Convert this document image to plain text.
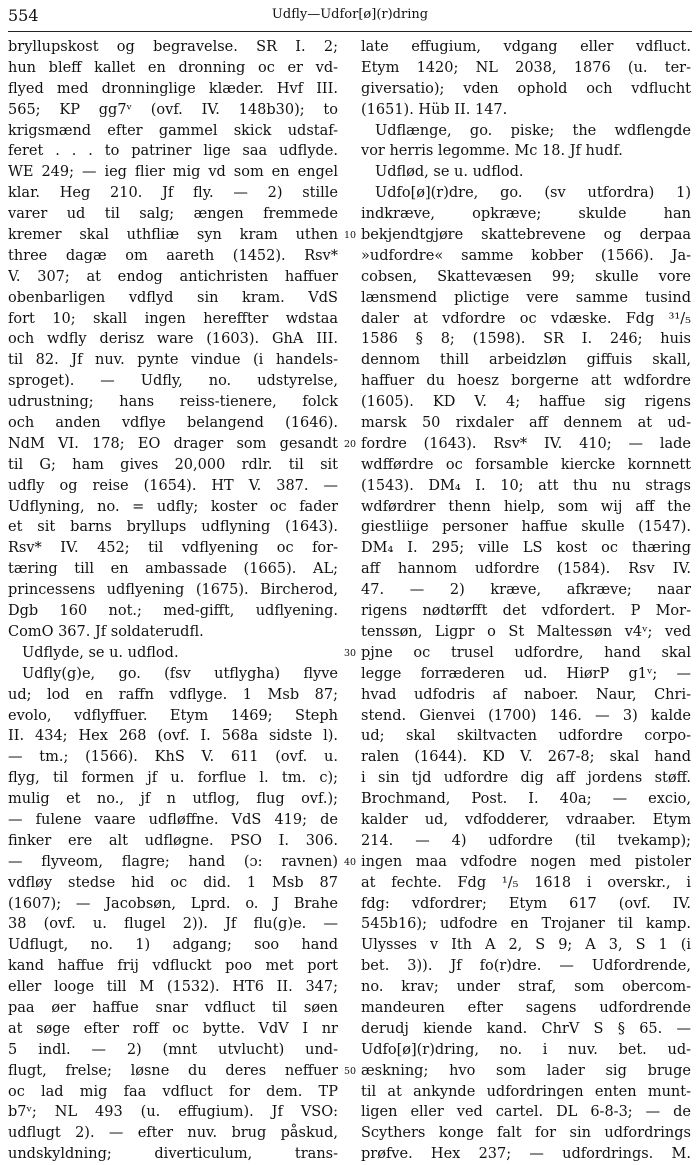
554	Udfly—Udfor[ø](r)dring
bryllupskost og begravelse. SR I. 2;
hun bleff kallet en dronning oc er vd-
flyed med dronninglige klæder. Hvf III.
565; KP gg7ᵛ (ovf. IV. 148b30); to
krigsmænd efter gammel skick udstaf-
feret . . . to patriner lige saa udflyde.
WE 249; — ieg flier mig vd som en engel
klar. Heg 210. Jf fly. — 2) stille
varer ud til salg; ængen fremmede
kremer skal uthfliæ syn kram uthen
three dagæ om aareth (1452). Rsv*
V. 307; at endog antichristen haffuer
obenbarligen vdflyd sin kram. VdS
fort 10; skall ingen hereffter wdstaa
och wdfly derisz ware (1603). GhA III.
til 82. Jf nuv. pynte vindue (i handels-
sproget). — Udfly, no. udstyrelse,
udrustning; hans reiss-tienere, folck
och anden vdflye belangend (1646).
NdM VI. 178; EO drager som gesandt
til G; ham gives 20,000 rdlr. til sit
udfly og reise (1654). HT V. 387. —
Udflyning, no. = udfly; koster oc fader
et sit barns bryllups udflyning (1643).
Rsv* IV. 452; til vdflyening oc for-
tæring till en ambassade (1665). AL;
princessens udflyening (1675). Bircherod,
Dgb 160 not.; med-gifft, udflyening.
ComO 367. Jf soldaterudfl.
Udflyde, se u. udflod.
Udfly(g)e, go. (fsv utflygha) flyve
ud; lod en raffn vdflyge. 1 Msb 87;
evolo, vdflyffuer. Etym 1469; Steph
II. 434; Hex 268 (ovf. I. 568a sidste l).
— tm.; (1566). KhS V. 611 (ovf. u.
flyg, til formen jf u. forflue l. tm. c);
mulig et no., jf n utflog, flug ovf.);
— fulene vaare udfløffne. VdS 419; de
finker ere alt udfløgne. PSO I. 306.
— flyveom, flagre; hand (ɔ: ravnen)
vdfløy stedse hid oc did. 1 Msb 87
(1607); — Jacobsøn, Lprd. o. J Brahe
38 (ovf. u. flugel 2)). Jf flu(g)e. —
Udflugt, no. 1) adgang; soo hand
kand haffue frij vdfluckt poo met port
eller looge till M (1532). HT6 II. 347;
paa øer haffue snar vdfluct til søen
at søge efter roff oc bytte. VdV I nr
5 indl. — 2) (mnt utvlucht) und-
flugt, frelse; løsne du deres neffuer
oc lad mig faa vdfluct for dem. TP
b7ᵛ; NL 493 (u. effugium). Jf VSO:
udflugt 2). — efter nuv. brug påskud,
undskyldning; diverticulum, trans-
10
20
30
40
50
late effugium, vdgang eller vdfluct.
Etym 1420; NL 2038, 1876 (u. ter-
giversatio); vden ophold och vdflucht
(1651). Hüb II. 147.
Udflænge, go. piske; the wdflengde
vor herris legomme. Mc 18. Jf hudf.
Udflød, se u. udflod.
Udfo[ø](r)dre, go. (sv utfordra) 1)
indkræve, opkræve; skulde han
bekjendtgjøre skattebrevene og derpaa
»udfordre« samme kobber (1566). Ja-
cobsen, Skattevæsen 99; skulle vore
lænsmend plictige vere samme tusind
daler at vdfordre oc vdæske. Fdg ³¹/₅
1586 § 8; (1598). SR I. 246; huis
dennom thill arbeidzløn giffuis skall,
haffuer du hoesz borgerne att wdfordre
(1605). KD V. 4; haffue sig rigens
marsk 50 rixdaler aff dennem at ud-
fordre (1643). Rsv* IV. 410; — lade
wdfførdre oc forsamble kiercke kornnett
(1543). DM₄ I. 10; att thu nu strags
wdførdrer thenn hielp, som wij aff the
giestliige personer haffue skulle (1547).
DM₄ I. 295; ville LS kost oc thæring
aff hannom udfordre (1584). Rsv IV.
47. — 2) kræve, afkræve; naar
rigens nødtørfft det vdfordert. P Mor-
tenssøn, Ligpr o St Maltessøn v4ᵛ; ved
pjne oc trusel udfordre, hand skal
legge forræderen ud. HiørP g1ᵛ; —
hvad udfodris af naboer. Naur, Chri-
stend. Gienvei (1700) 146. — 3) kalde
ud; skal skiltvacten udfordre corpo-
ralen (1644). KD V. 267-8; skal hand
i sin tjd udfordre dig aff jordens støff.
Brochmand, Post. I. 40a; — excio,
kalder ud, vdfodderer, vdraaber. Etym
214. — 4) udfordre (til tvekamp);
ingen maa vdfodre nogen med pistoler
at fechte. Fdg ¹/₅ 1618 i overskr., i
fdg: vdfordrer; Etym 617 (ovf. IV.
545b16); udfodre en Trojaner til kamp.
Ulysses v Ith A 2, S 9; A 3, S 1 (i
bet. 3)). Jf fo(r)dre. — Udfordrende,
no. krav; under straf, som obercom-
mandeuren efter sagens udfordrende
derudj kiende kand. ChrV S § 65. —
Udfo[ø](r)dring, no. i nuv. bet. ud-
æskning; hvo som lader sig bruge
til at ankynde udfordringen enten munt-
ligen eller ved cartel. DL 6-8-3; — de
Scythers konge falt for sin udfordrings
prøfve. Hex 237; — udfordrings. M.
